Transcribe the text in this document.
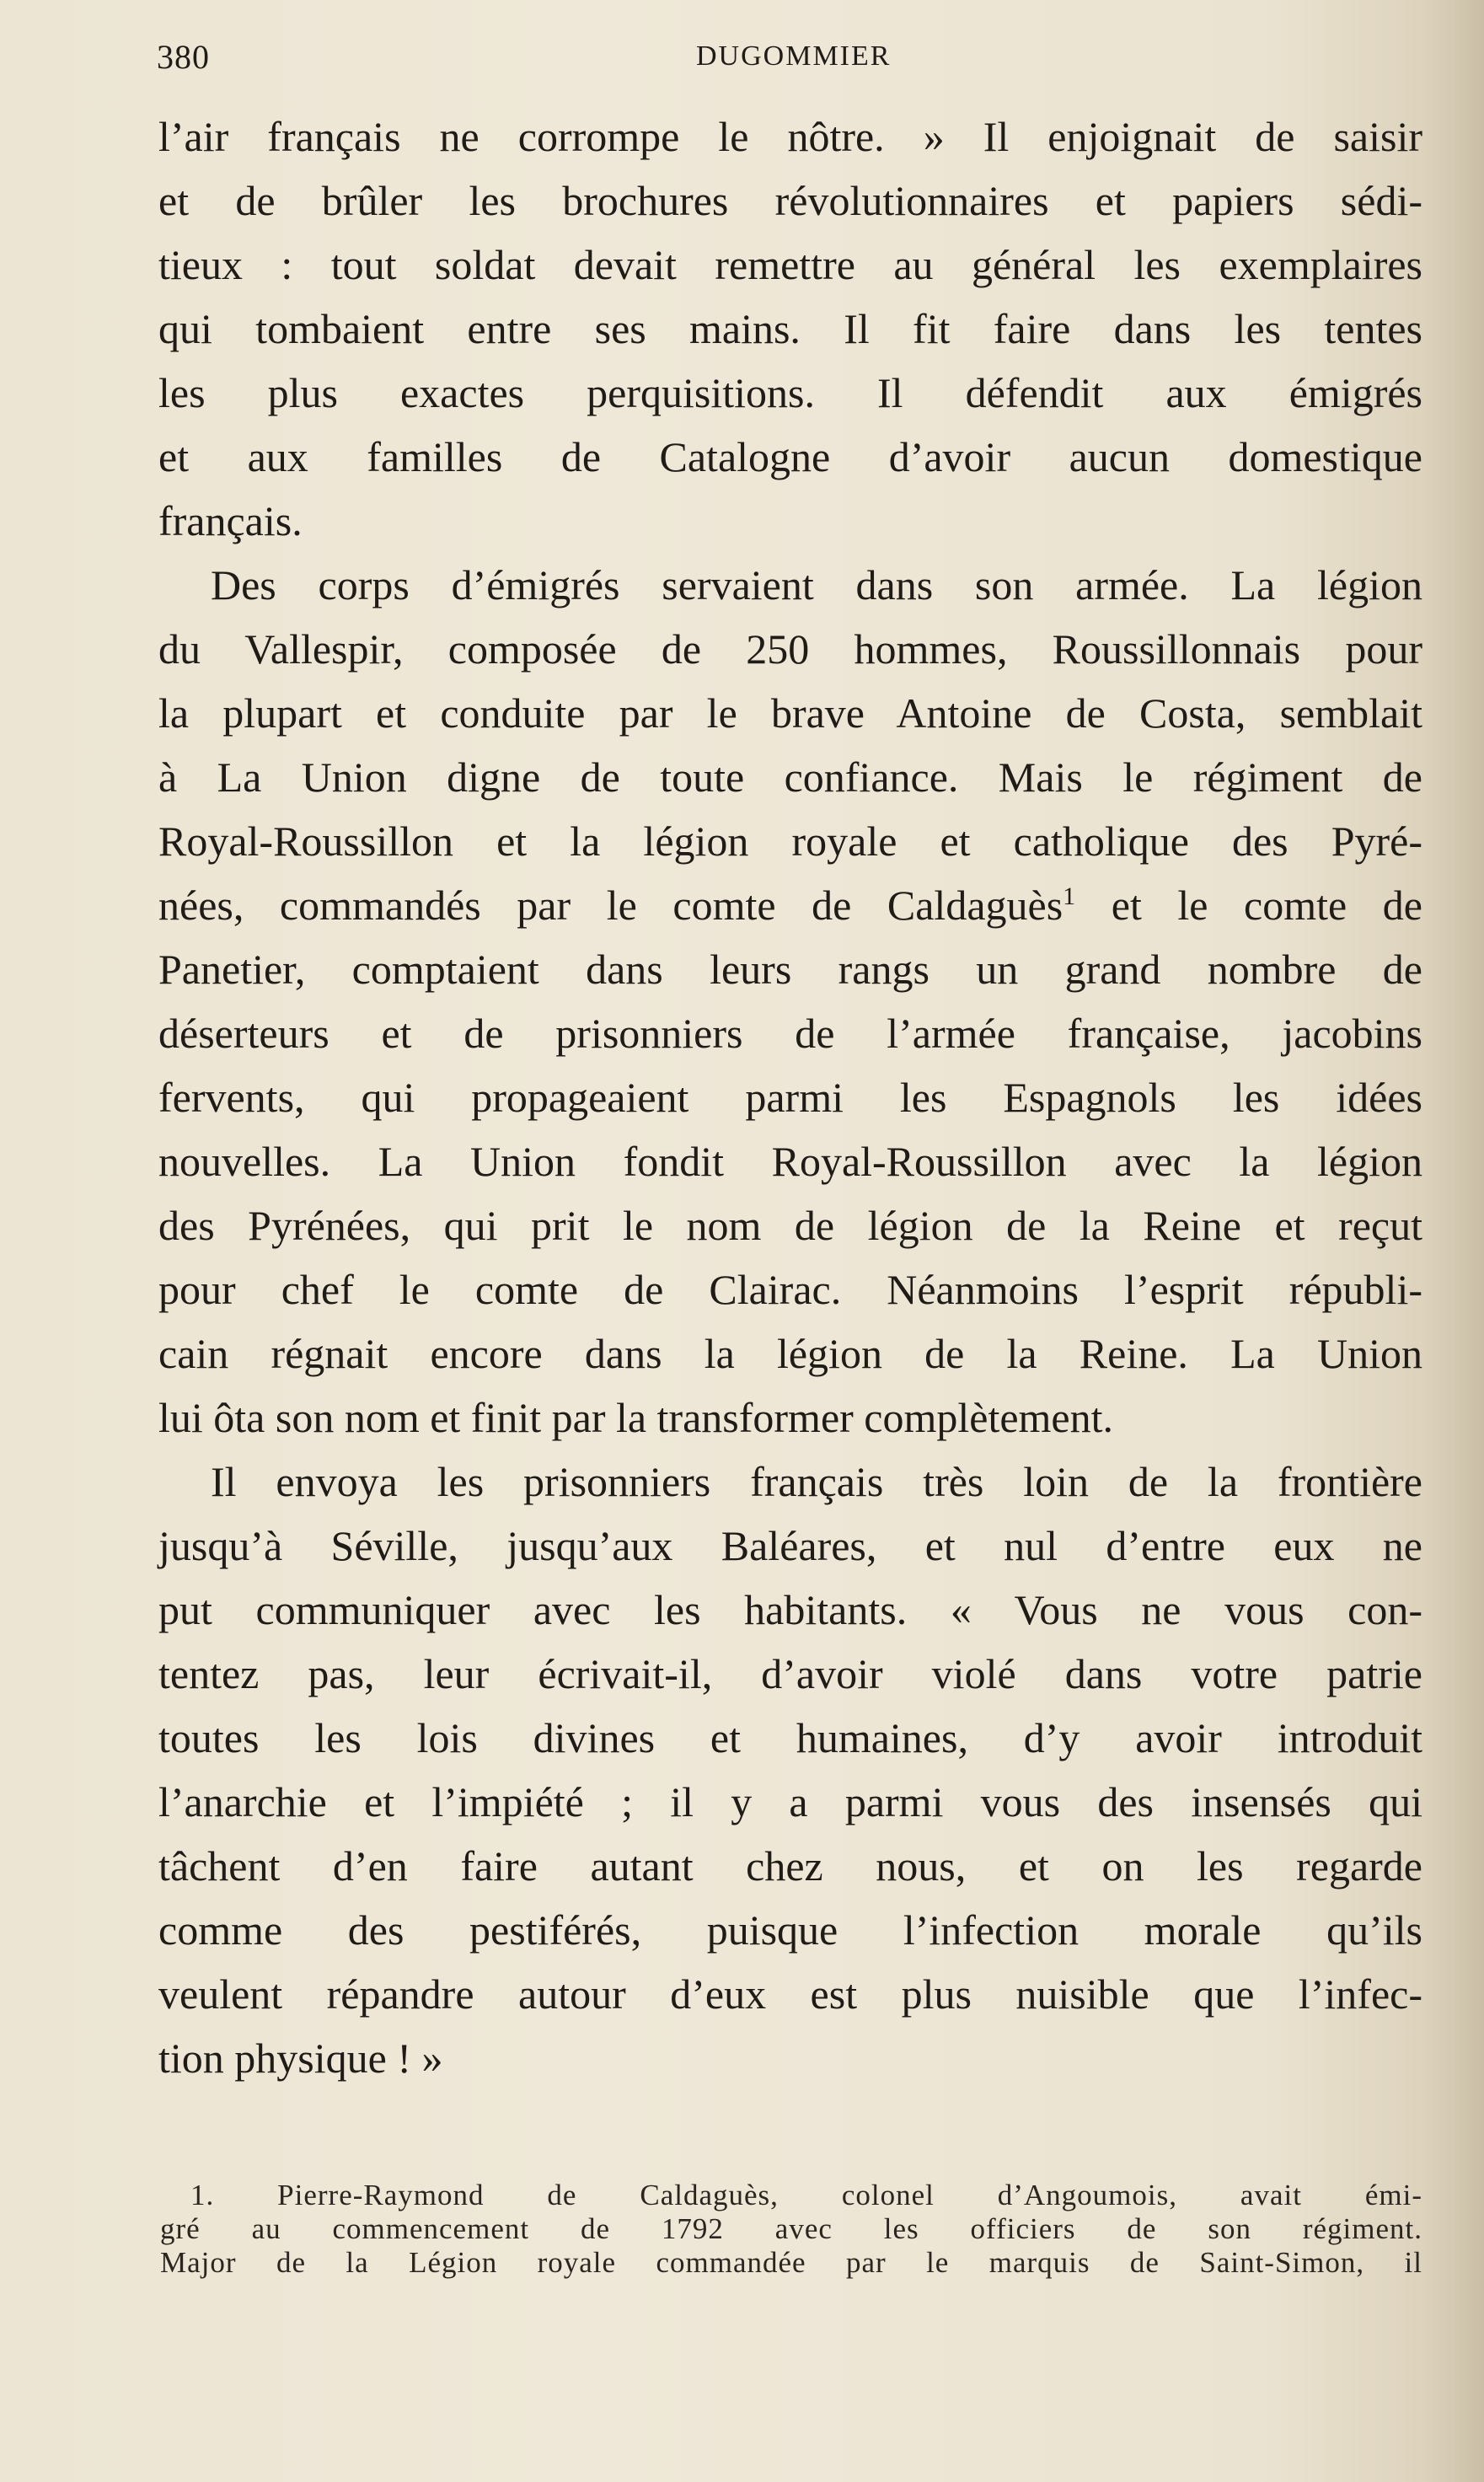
380	DUGOMMIER
l’air français ne corrompe le nôtre. » Il enjoignait de saisir
et de brûler les brochures révolutionnaires et papiers sédi-
tieux : tout soldat devait remettre au général les exemplaires
qui tombaient entre ses mains. Il fit faire dans les tentes
les plus exactes perquisitions. Il défendit aux émigrés
et aux familles de Catalogne d’avoir aucun domestique
français.
Des corps d’émigrés servaient dans son armée. La légion
du Vallespir, composée de 250 hommes, Roussillonnais pour
la plupart et conduite par le brave Antoine de Costa, semblait
à La Union digne de toute confiance. Mais le régiment de
Royal-Roussillon et la légion royale et catholique des Pyré-
nées, commandés par le comte de Caldaguès$^1$ et le comte de
Panetier, comptaient dans leurs rangs un grand nombre de
déserteurs et de prisonniers de l’armée française, jacobins
fervents, qui propageaient parmi les Espagnols les idées
nouvelles. La Union fondit Royal-Roussillon avec la légion
des Pyrénées, qui prit le nom de légion de la Reine et reçut
pour chef le comte de Clairac. Néanmoins l’esprit républi-
cain régnait encore dans la légion de la Reine. La Union
lui ôta son nom et finit par la transformer complètement.
Il envoya les prisonniers français très loin de la frontière
jusqu’à Séville, jusqu’aux Baléares, et nul d’entre eux ne
put communiquer avec les habitants. « Vous ne vous con-
tentez pas, leur écrivait-il, d’avoir violé dans votre patrie
toutes les lois divines et humaines, d’y avoir introduit
l’anarchie et l’impiété ; il y a parmi vous des insensés qui
tâchent d’en faire autant chez nous, et on les regarde
comme des pestiférés, puisque l’infection morale qu’ils
veulent répandre autour d’eux est plus nuisible que l’infec-
tion physique ! »
1. Pierre-Raymond de Caldaguès, colonel d’Angoumois, avait émi-
gré au commencement de 1792 avec les officiers de son régiment.
Major de la Légion royale commandée par le marquis de Saint-Simon, il
